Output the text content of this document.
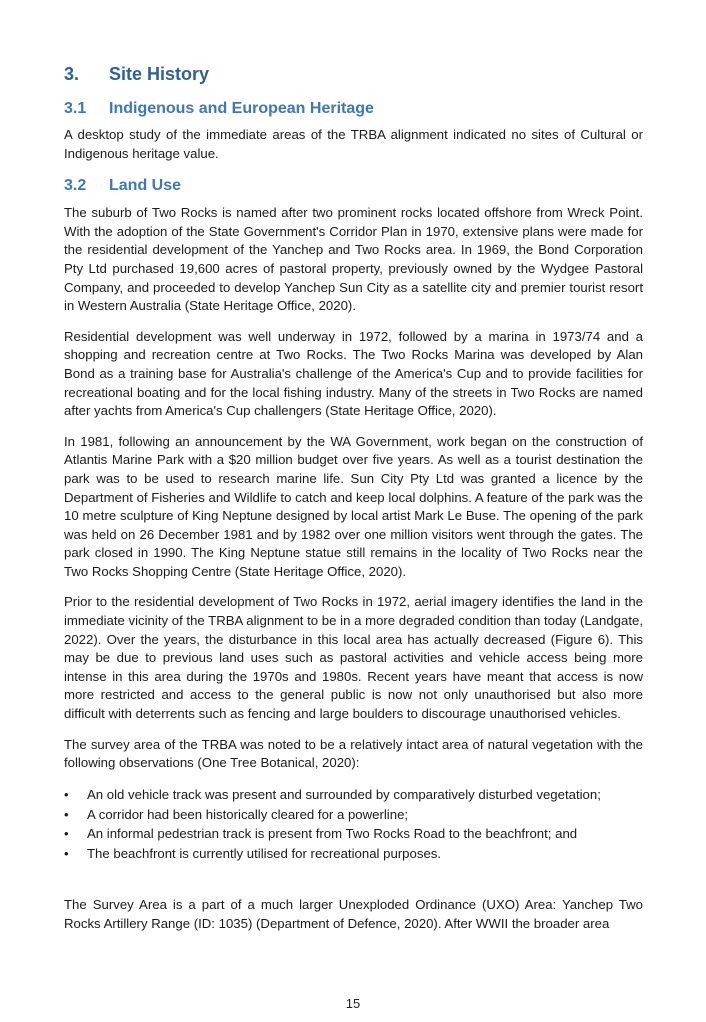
3.	Site History
3.1	Indigenous and European Heritage

A desktop study of the immediate areas of the TRBA alignment indicated no sites of Cultural or Indigenous heritage value.

3.2	Land Use

The suburb of Two Rocks is named after two prominent rocks located offshore from Wreck Point. With the adoption of the State Government's Corridor Plan in 1970, extensive plans were made for the residential development of the Yanchep and Two Rocks area. In 1969, the Bond Corporation Pty Ltd purchased 19,600 acres of pastoral property, previously owned by the Wydgee Pastoral Company, and proceeded to develop Yanchep Sun City as a satellite city and premier tourist resort in Western Australia (State Heritage Office, 2020).

Residential development was well underway in 1972, followed by a marina in 1973/74 and a shopping and recreation centre at Two Rocks. The Two Rocks Marina was developed by Alan Bond as a training base for Australia's challenge of the America's Cup and to provide facilities for recreational boating and for the local fishing industry. Many of the streets in Two Rocks are named after yachts from America's Cup challengers (State Heritage Office, 2020).

In 1981, following an announcement by the WA Government, work began on the construction of Atlantis Marine Park with a $20 million budget over five years. As well as a tourist destination the park was to be used to research marine life. Sun City Pty Ltd was granted a licence by the Department of Fisheries and Wildlife to catch and keep local dolphins. A feature of the park was the 10 metre sculpture of King Neptune designed by local artist Mark Le Buse. The opening of the park was held on 26 December 1981 and by 1982 over one million visitors went through the gates. The park closed in 1990. The King Neptune statue still remains in the locality of Two Rocks near the Two Rocks Shopping Centre (State Heritage Office, 2020).

Prior to the residential development of Two Rocks in 1972, aerial imagery identifies the land in the immediate vicinity of the TRBA alignment to be in a more degraded condition than today (Landgate, 2022). Over the years, the disturbance in this local area has actually decreased (Figure 6). This may be due to previous land uses such as pastoral activities and vehicle access being more intense in this area during the 1970s and 1980s. Recent years have meant that access is now more restricted and access to the general public is now not only unauthorised but also more difficult with deterrents such as fencing and large boulders to discourage unauthorised vehicles.

The survey area of the TRBA was noted to be a relatively intact area of natural vegetation with the following observations (One Tree Botanical, 2020):

• An old vehicle track was present and surrounded by comparatively disturbed vegetation;
• A corridor had been historically cleared for a powerline;
• An informal pedestrian track is present from Two Rocks Road to the beachfront; and
• The beachfront is currently utilised for recreational purposes.

The Survey Area is a part of a much larger Unexploded Ordinance (UXO) Area: Yanchep Two Rocks Artillery Range (ID: 1035) (Department of Defence, 2020). After WWII the broader area

15
